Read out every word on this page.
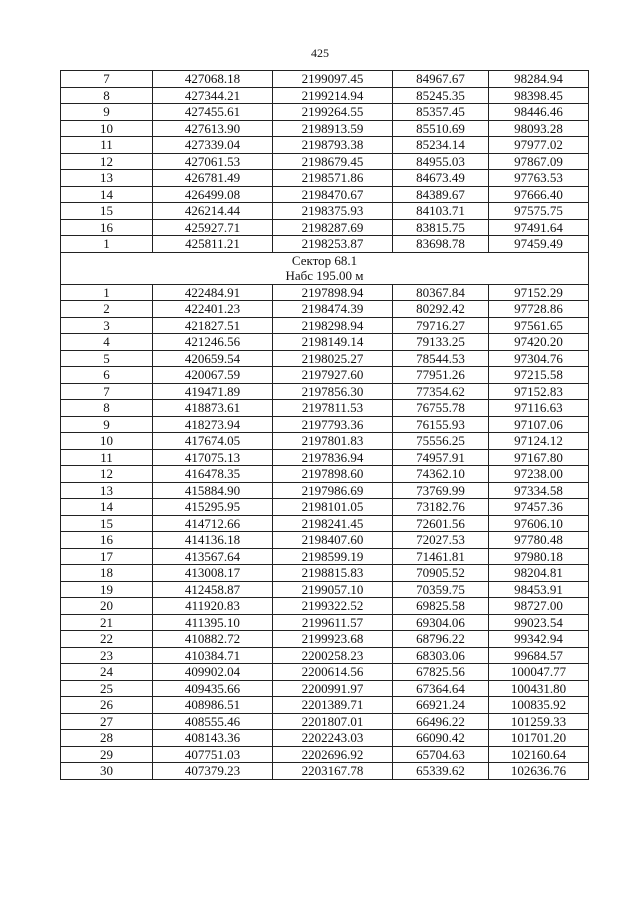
425
7	427068.18	2199097.45	84967.67	98284.94
8	427344.21	2199214.94	85245.35	98398.45
9	427455.61	2199264.55	85357.45	98446.46
10	427613.90	2198913.59	85510.69	98093.28
11	427339.04	2198793.38	85234.14	97977.02
12	427061.53	2198679.45	84955.03	97867.09
13	426781.49	2198571.86	84673.49	97763.53
14	426499.08	2198470.67	84389.67	97666.40
15	426214.44	2198375.93	84103.71	97575.75
16	425927.71	2198287.69	83815.75	97491.64
1	425811.21	2198253.87	83698.78	97459.49
Сектор 68.1				
Набс 195.00 м				
1	422484.91	2197898.94	80367.84	97152.29
2	422401.23	2198474.39	80292.42	97728.86
3	421827.51	2198298.94	79716.27	97561.65
4	421246.56	2198149.14	79133.25	97420.20
5	420659.54	2198025.27	78544.53	97304.76
6	420067.59	2197927.60	77951.26	97215.58
7	419471.89	2197856.30	77354.62	97152.83
8	418873.61	2197811.53	76755.78	97116.63
9	418273.94	2197793.36	76155.93	97107.06
10	417674.05	2197801.83	75556.25	97124.12
11	417075.13	2197836.94	74957.91	97167.80
12	416478.35	2197898.60	74362.10	97238.00
13	415884.90	2197986.69	73769.99	97334.58
14	415295.95	2198101.05	73182.76	97457.36
15	414712.66	2198241.45	72601.56	97606.10
16	414136.18	2198407.60	72027.53	97780.48
17	413567.64	2198599.19	71461.81	97980.18
18	413008.17	2198815.83	70905.52	98204.81
19	412458.87	2199057.10	70359.75	98453.91
20	411920.83	2199322.52	69825.58	98727.00
21	411395.10	2199611.57	69304.06	99023.54
22	410882.72	2199923.68	68796.22	99342.94
23	410384.71	2200258.23	68303.06	99684.57
24	409902.04	2200614.56	67825.56	100047.77
25	409435.66	2200991.97	67364.64	100431.80
26	408986.51	2201389.71	66921.24	100835.92
27	408555.46	2201807.01	66496.22	101259.33
28	408143.36	2202243.03	66090.42	101701.20
29	407751.03	2202696.92	65704.63	102160.64
30	407379.23	2203167.78	65339.62	102636.76
